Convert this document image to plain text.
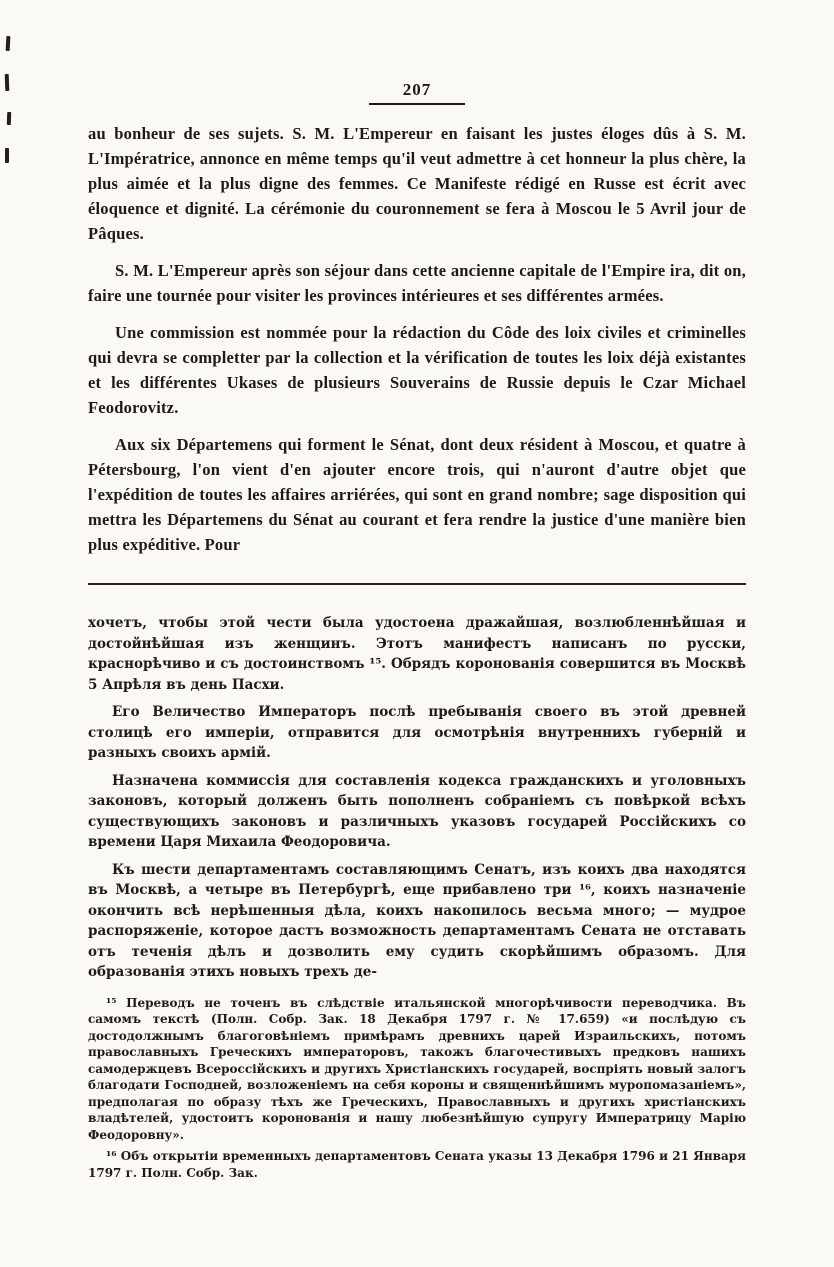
207

au bonheur de ses sujets. S. M. L'Empereur en faisant les justes éloges dûs à S. M. L'Impératrice, annonce en même temps qu'il veut admettre à cet honneur la plus chère, la plus aimée et la plus digne des femmes. Ce Manifeste rédigé en Russe est écrit avec éloquence et dignité. La cérémonie du couronnement se fera à Moscou le 5 Avril jour de Pâques.

S. M. L'Empereur après son séjour dans cette ancienne capitale de l'Empire ira, dit on, faire une tournée pour visiter les provinces intérieures et ses différentes armées.

Une commission est nommée pour la rédaction du Côde des loix civiles et criminelles qui devra se completter par la collection et la vérification de toutes les loix déjà existantes et les différentes Ukases de plusieurs Souverains de Russie depuis le Czar Michael Feodorovitz.

Aux six Départemens qui forment le Sénat, dont deux résident à Moscou, et quatre à Pétersbourg, l'on vient d'en ajouter encore trois, qui n'auront d'autre objet que l'expédition de toutes les affaires arriérées, qui sont en grand nombre; sage disposition qui mettra les Départemens du Sénat au courant et fera rendre la justice d'une manière bien plus expéditive. Pour

хочетъ, чтобы этой чести была удостоена дражайшая, возлюбленнѣйшая и достойнѣйшая изъ женщинъ. Этотъ манифестъ написанъ по русски, краснорѣчиво и съ достоинствомъ ¹⁵. Обрядъ коронованія совершится въ Москвѣ 5 Апрѣля въ день Пасхи.

Его Величество Императоръ послѣ пребыванія своего въ этой древней столицѣ его имперіи, отправится для осмотрѣнія внутреннихъ губерній и разныхъ своихъ армій.

Назначена коммиссія для составленія кодекса гражданскихъ и уголовныхъ законовъ, который долженъ быть пополненъ собраніемъ съ повѣркой всѣхъ существующихъ законовъ и различныхъ указовъ государей Россійскихъ со времени Царя Михаила Феодоровича.

Къ шести департаментамъ составляющимъ Сенатъ, изъ коихъ два находятся въ Москвѣ, а четыре въ Петербургѣ, еще прибавлено три ¹⁶, коихъ назначеніе окончить всѣ нерѣшенныя дѣла, коихъ накопилось весьма много; — мудрое распоряженіе, которое дастъ возможность департаментамъ Сената не отставать отъ теченія дѣлъ и дозволить ему судить скорѣйшимъ образомъ. Для образованія этихъ новыхъ трехъ де-

¹⁵ Переводъ не точенъ въ слѣдствіе итальянской многорѣчивости переводчика. Въ самомъ текстѣ (Полн. Собр. Зак. 18 Декабря 1797 г. № 17.659) «и послѣдую съ достодолжнымъ благоговѣніемъ примѣрамъ древнихъ царей Израильскихъ, потомъ православныхъ Греческихъ императоровъ, такожъ благочестивыхъ предковъ нашихъ самодержцевъ Всероссійскихъ и другихъ Христіанскихъ государей, воспріять новый залогъ благодати Господней, возложеніемъ на себя короны и священнѣйшимъ муропомазаніемъ», предполагая по образу тѣхъ же Греческихъ, Православныхъ и другихъ христіанскихъ владѣтелей, удостоитъ коронованія и нашу любезнѣйшую супругу Императрицу Марію Феодоровну».

¹⁶ Объ открытіи временныхъ департаментовъ Сената указы 13 Декабря 1796 и 21 Января 1797 г. Полн. Собр. Зак.
